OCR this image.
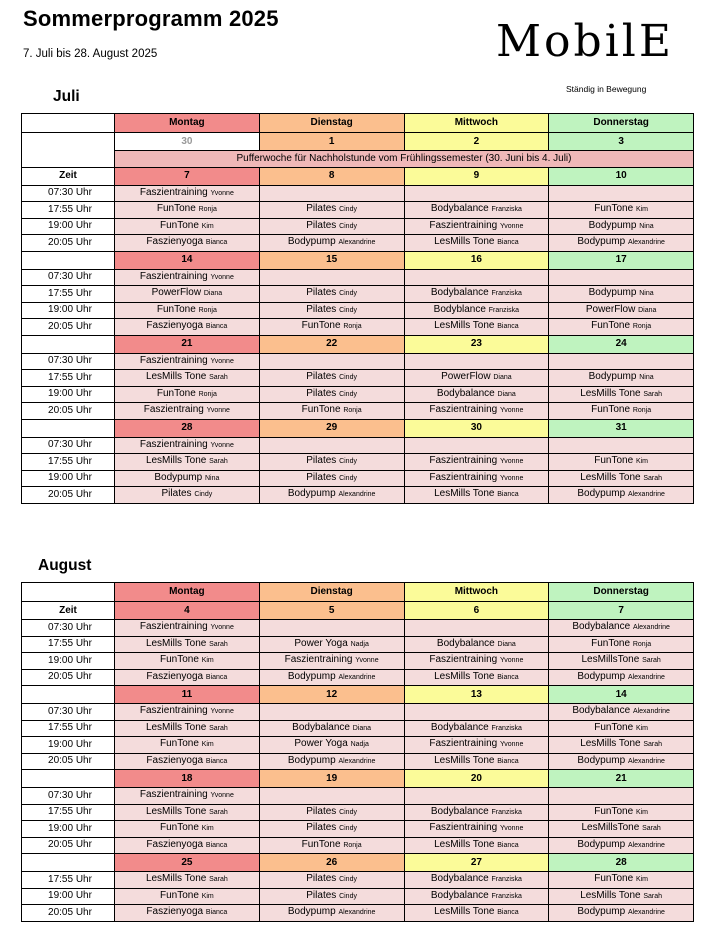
Sommerprogramm 2025
7. Juli bis 28. August 2025	MobilE
Ständig in Bewegung
Juli
	Montag	Dienstag	Mittwoch	Donnerstag
	30	1	2	3
	Pufferwoche für Nachholstunde vom Frühlingssemester (30. Juni bis 4. Juli)			
Zeit	7	8	9	10
07:30 Uhr	Faszientraining Yvonne			
17:55 Uhr	FunTone Ronja	Pilates Cindy	Bodybalance Franziska	FunTone Kim
19:00 Uhr	FunTone Kim	Pilates Cindy	Faszientraining Yvonne	Bodypump Nina
20:05 Uhr	Faszienyoga Bianca	Bodypump Alexandrine	LesMills Tone Bianca	Bodypump Alexandrine
	14	15	16	17
07:30 Uhr	Faszientraining Yvonne			
17:55 Uhr	PowerFlow Diana	Pilates Cindy	Bodybalance Franziska	Bodypump Nina
19:00 Uhr	FunTone Ronja	Pilates Cindy	Bodyblance Franziska	PowerFlow Diana
20:05 Uhr	Faszienyoga Bianca	FunTone Ronja	LesMills Tone Bianca	FunTone Ronja
	21	22	23	24
07:30 Uhr	Faszientraining Yvonne			
17:55 Uhr	LesMills Tone Sarah	Pilates Cindy	PowerFlow Diana	Bodypump Nina
19:00 Uhr	FunTone Ronja	Pilates Cindy	Bodybalance Diana	LesMills Tone Sarah
20:05 Uhr	Faszientraing Yvonne	FunTone Ronja	Faszientraining Yvonne	FunTone Ronja
	28	29	30	31
07:30 Uhr	Faszientraining Yvonne			
17:55 Uhr	LesMills Tone Sarah	Pilates Cindy	Faszientraining Yvonne	FunTone Kim
19:00 Uhr	Bodypump Nina	Pilates Cindy	Faszientraining Yvonne	LesMills Tone Sarah
20:05 Uhr	Pilates Cindy	Bodypump Alexandrine	LesMills Tone Bianca	Bodypump Alexandrine
August
	Montag	Dienstag	Mittwoch	Donnerstag
Zeit	4	5	6	7
07:30 Uhr	Faszientraining Yvonne			Bodybalance Alexandrine
17:55 Uhr	LesMills Tone Sarah	Power Yoga Nadja	Bodybalance Diana	FunTone Ronja
19:00 Uhr	FunTone Kim	Faszientraining Yvonne	Faszientraining Yvonne	LesMillsTone Sarah
20:05 Uhr	Faszienyoga Bianca	Bodypump Alexandrine	LesMills Tone Bianca	Bodypump Alexandrine
	11	12	13	14
07:30 Uhr	Faszientraining Yvonne			Bodybalance Alexandrine
17:55 Uhr	LesMills Tone Sarah	Bodybalance Diana	Bodybalance Franziska	FunTone Kim
19:00 Uhr	FunTone Kim	Power Yoga Nadja	Faszientraining Yvonne	LesMills Tone Sarah
20:05 Uhr	Faszienyoga Bianca	Bodypump Alexandrine	LesMills Tone Bianca	Bodypump Alexandrine
	18	19	20	21
07:30 Uhr	Faszientraining Yvonne			
17:55 Uhr	LesMills Tone Sarah	Pilates Cindy	Bodybalance Franziska	FunTone Kim
19:00 Uhr	FunTone Kim	Pilates Cindy	Faszientraining Yvonne	LesMillsTone Sarah
20:05 Uhr	Faszienyoga Bianca	FunTone Ronja	LesMills Tone Bianca	Bodypump Alexandrine
	25	26	27	28
17:55 Uhr	LesMills Tone Sarah	Pilates Cindy	Bodybalance Franziska	FunTone Kim
19:00 Uhr	FunTone Kim	Pilates Cindy	Bodybalance Franziska	LesMills Tone Sarah
20:05 Uhr	Faszienyoga Bianca	Bodypump Alexandrine	LesMills Tone Bianca	Bodypump Alexandrine
